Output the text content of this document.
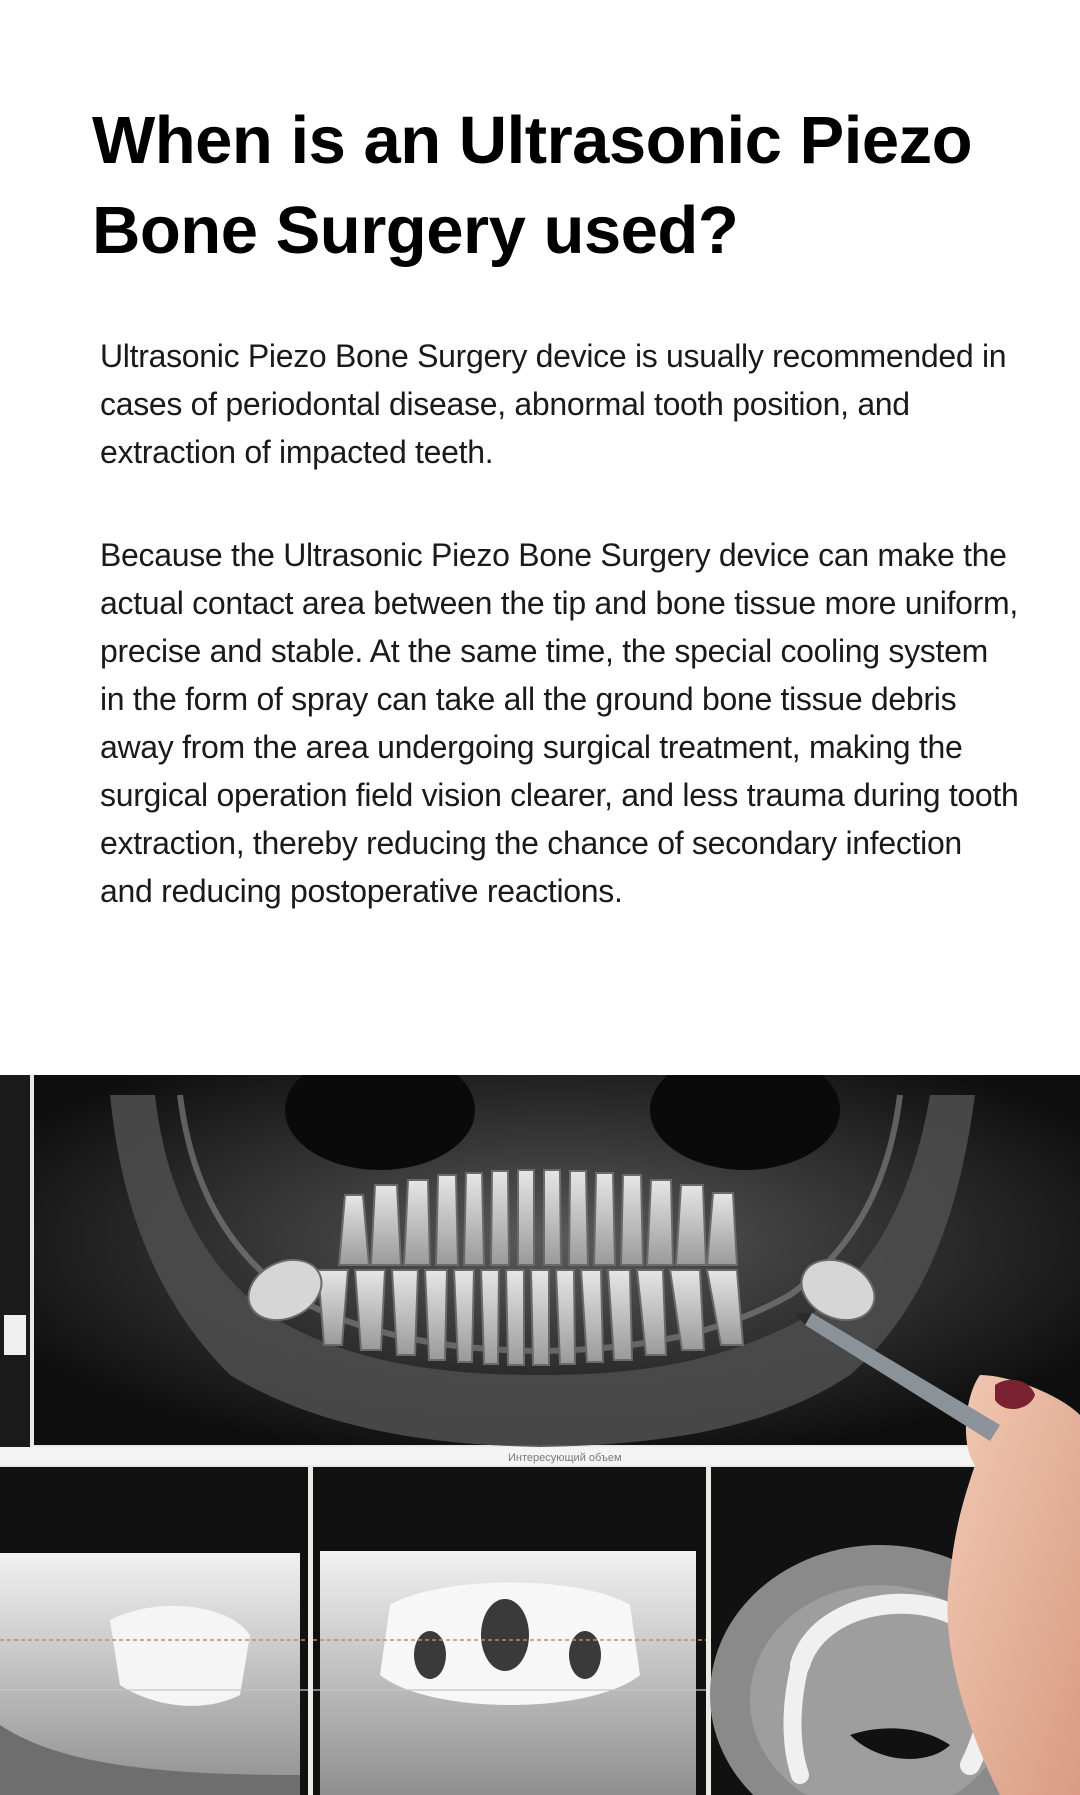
When is an Ultrasonic Piezo Bone Surgery used?

Ultrasonic Piezo Bone Surgery device is usually recommended in cases of periodontal disease, abnormal tooth position, and extraction of impacted teeth.

Because the Ultrasonic Piezo Bone Surgery device can make the actual contact area between the tip and bone tissue more uniform, precise and stable. At the same time, the special cooling system in the form of spray can take all the ground bone tissue debris away from the area undergoing surgical treatment, making the surgical operation field vision clearer, and less trauma during tooth extraction, thereby reducing the chance of secondary infection and reducing postoperative reactions.

Интересующий объем
